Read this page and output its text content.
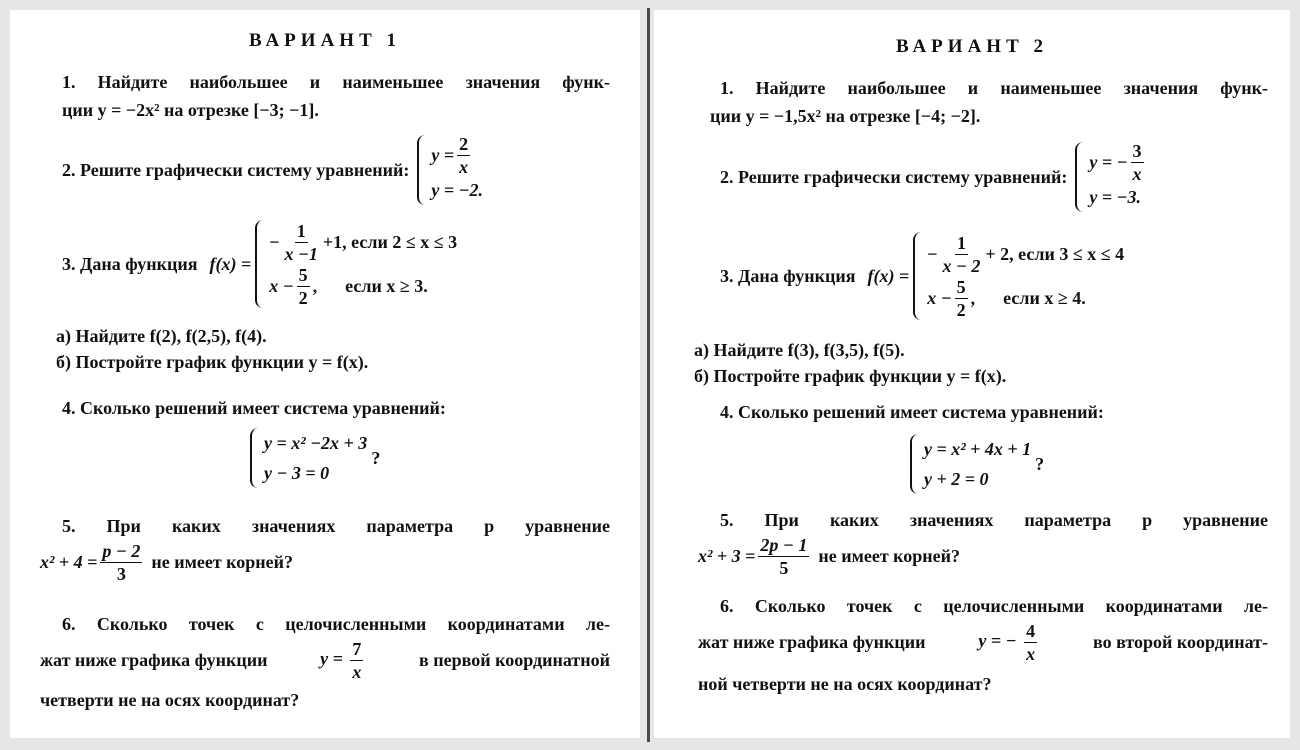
ВАРИАНТ 1
1. Найдите наибольшее и наименьшее значения функ-
ции y = −2x² на отрезке [−3; −1].
2. Решите графически систему уравнений:
$y = \frac{2}{x}$
y = −2.
3. Дана функция f(x) =
− $\frac{1}{x -1} +1$, если 2 ≤ x ≤ 3
$x - \frac{5}{2}$ , если x ≥ 3.
а) Найдите f(2), f(2,5), f(4).
б) Постройте график функции y = f(x).
4. Сколько решений имеет система уравнений:
y = x² −2x + 3
y − 3 = 0
?
5. При каких значениях параметра p уравнение
$x^2 + 4 = \frac{p - 2}{3}$ не имеет корней?
6. Сколько точек с целочисленными координатами ле-
жат ниже графика функции	$y = \frac{7}{x}$	в первой координатной
четверти не на осях координат?
ВАРИАНТ 2
1. Найдите наибольшее и наименьшее значения функ-
ции y = −1,5x² на отрезке [−4; −2].
2. Решите графически систему уравнений:
y = − $\frac{3}{x}$
y = −3.
3. Дана функция f(x) =
− $\frac{1}{x - 2} + 2$, если 3 ≤ x ≤ 4
$x - \frac{5}{2}$ , если x ≥ 4.
а) Найдите f(3), f(3,5), f(5).
б) Постройте график функции y = f(x).
4. Сколько решений имеет система уравнений:
y = x² + 4x + 1
y + 2 = 0
?
5. При каких значениях параметра p уравнение
$x^2 + 3 = \frac{2p - 1}{5}$ не имеет корней?
6. Сколько точек с целочисленными координатами ле-
жат ниже графика функции	y = − $\frac{4}{x}$	во второй координат-
ной четверти не на осях координат?
